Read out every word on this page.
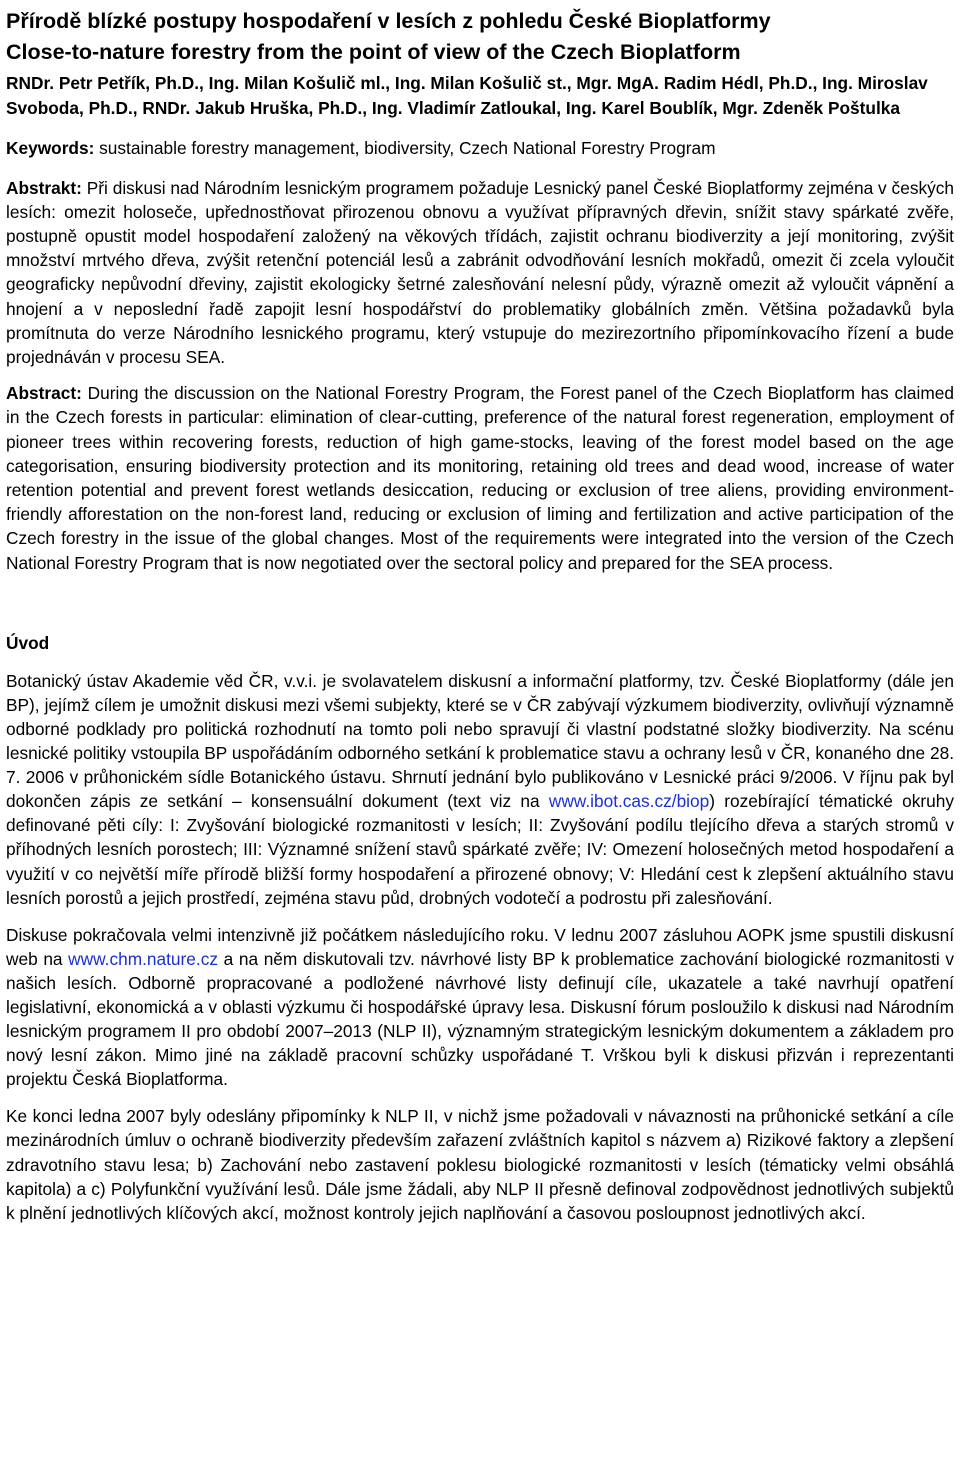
Přírodě blízké postupy hospodaření v lesích z pohledu České Bioplatformy
Close-to-nature forestry from the point of view of the Czech Bioplatform

RNDr. Petr Petřík, Ph.D., Ing. Milan Košulič ml., Ing. Milan Košulič st., Mgr. MgA. Radim Hédl, Ph.D., Ing. Miroslav Svoboda, Ph.D., RNDr. Jakub Hruška, Ph.D., Ing. Vladimír Zatloukal, Ing. Karel Boublík, Mgr. Zdeněk Poštulka

Keywords: sustainable forestry management, biodiversity, Czech National Forestry Program

Abstrakt: Při diskusi nad Národním lesnickým programem požaduje Lesnický panel České Bioplatformy zejména v českých lesích: omezit holoseče, upřednostňovat přirozenou obnovu a využívat přípravných dřevin, snížit stavy spárkaté zvěře, postupně opustit model hospodaření založený na věkových třídách, zajistit ochranu biodiverzity a její monitoring, zvýšit množství mrtvého dřeva, zvýšit retenční potenciál lesů a zabránit odvodňování lesních mokřadů, omezit či zcela vyloučit geograficky nepůvodní dřeviny, zajistit ekologicky šetrné zalesňování nelesní půdy, výrazně omezit až vyloučit vápnění a hnojení a v neposlední řadě zapojit lesní hospodářství do problematiky globálních změn. Většina požadavků byla promítnuta do verze Národního lesnického programu, který vstupuje do mezirezortního připomínkovacího řízení a bude projednáván v procesu SEA.

Abstract: During the discussion on the National Forestry Program, the Forest panel of the Czech Bioplatform has claimed in the Czech forests in particular: elimination of clear-cutting, preference of the natural forest regeneration, employment of pioneer trees within recovering forests, reduction of high game-stocks, leaving of the forest model based on the age categorisation, ensuring biodiversity protection and its monitoring, retaining old trees and dead wood, increase of water retention potential and prevent forest wetlands desiccation, reducing or exclusion of tree aliens, providing environment-friendly afforestation on the non-forest land, reducing or exclusion of liming and fertilization and active participation of the Czech forestry in the issue of the global changes. Most of the requirements were integrated into the version of the Czech National Forestry Program that is now negotiated over the sectoral policy and prepared for the SEA process.

Úvod

Botanický ústav Akademie věd ČR, v.v.i. je svolavatelem diskusní a informační platformy, tzv. České Bioplatformy (dále jen BP), jejímž cílem je umožnit diskusi mezi všemi subjekty, které se v ČR zabývají výzkumem biodiverzity, ovlivňují významně odborné podklady pro politická rozhodnutí na tomto poli nebo spravují či vlastní podstatné složky biodiverzity. Na scénu lesnické politiky vstoupila BP uspořádáním odborného setkání k problematice stavu a ochrany lesů v ČR, konaného dne 28. 7. 2006 v průhonickém sídle Botanického ústavu. Shrnutí jednání bylo publikováno v Lesnické práci 9/2006. V říjnu pak byl dokončen zápis ze setkání – konsensuální dokument (text viz na www.ibot.cas.cz/biop) rozebírající tématické okruhy definované pěti cíly: I: Zvyšování biologické rozmanitosti v lesích; II: Zvyšování podílu tlejícího dřeva a starých stromů v příhodných lesních porostech; III: Významné snížení stavů spárkaté zvěře; IV: Omezení holosečných metod hospodaření a využití v co největší míře přírodě bližší formy hospodaření a přirozené obnovy; V: Hledání cest k zlepšení aktuálního stavu lesních porostů a jejich prostředí, zejména stavu půd, drobných vodotečí a podrostu při zalesňování.

Diskuse pokračovala velmi intenzivně již počátkem následujícího roku. V lednu 2007 zásluhou AOPK jsme spustili diskusní web na www.chm.nature.cz a na něm diskutovali tzv. návrhové listy BP k problematice zachování biologické rozmanitosti v našich lesích. Odborně propracované a podložené návrhové listy definují cíle, ukazatele a také navrhují opatření legislativní, ekonomická a v oblasti výzkumu či hospodářské úpravy lesa. Diskusní fórum posloužilo k diskusi nad Národním lesnickým programem II pro období 2007–2013 (NLP II), významným strategickým lesnickým dokumentem a základem pro nový lesní zákon. Mimo jiné na základě pracovní schůzky uspořádané T. Vrškou byli k diskusi přizván i reprezentanti projektu Česká Bioplatforma.

Ke konci ledna 2007 byly odeslány připomínky k NLP II, v nichž jsme požadovali v návaznosti na průhonické setkání a cíle mezinárodních úmluv o ochraně biodiverzity především zařazení zvláštních kapitol s názvem a) Rizikové faktory a zlepšení zdravotního stavu lesa; b) Zachování nebo zastavení poklesu biologické rozmanitosti v lesích (tématicky velmi obsáhlá kapitola) a c) Polyfunkční využívání lesů. Dále jsme žádali, aby NLP II přesně definoval zodpovědnost jednotlivých subjektů k plnění jednotlivých klíčových akcí, možnost kontroly jejich naplňování a časovou posloupnost jednotlivých akcí.
